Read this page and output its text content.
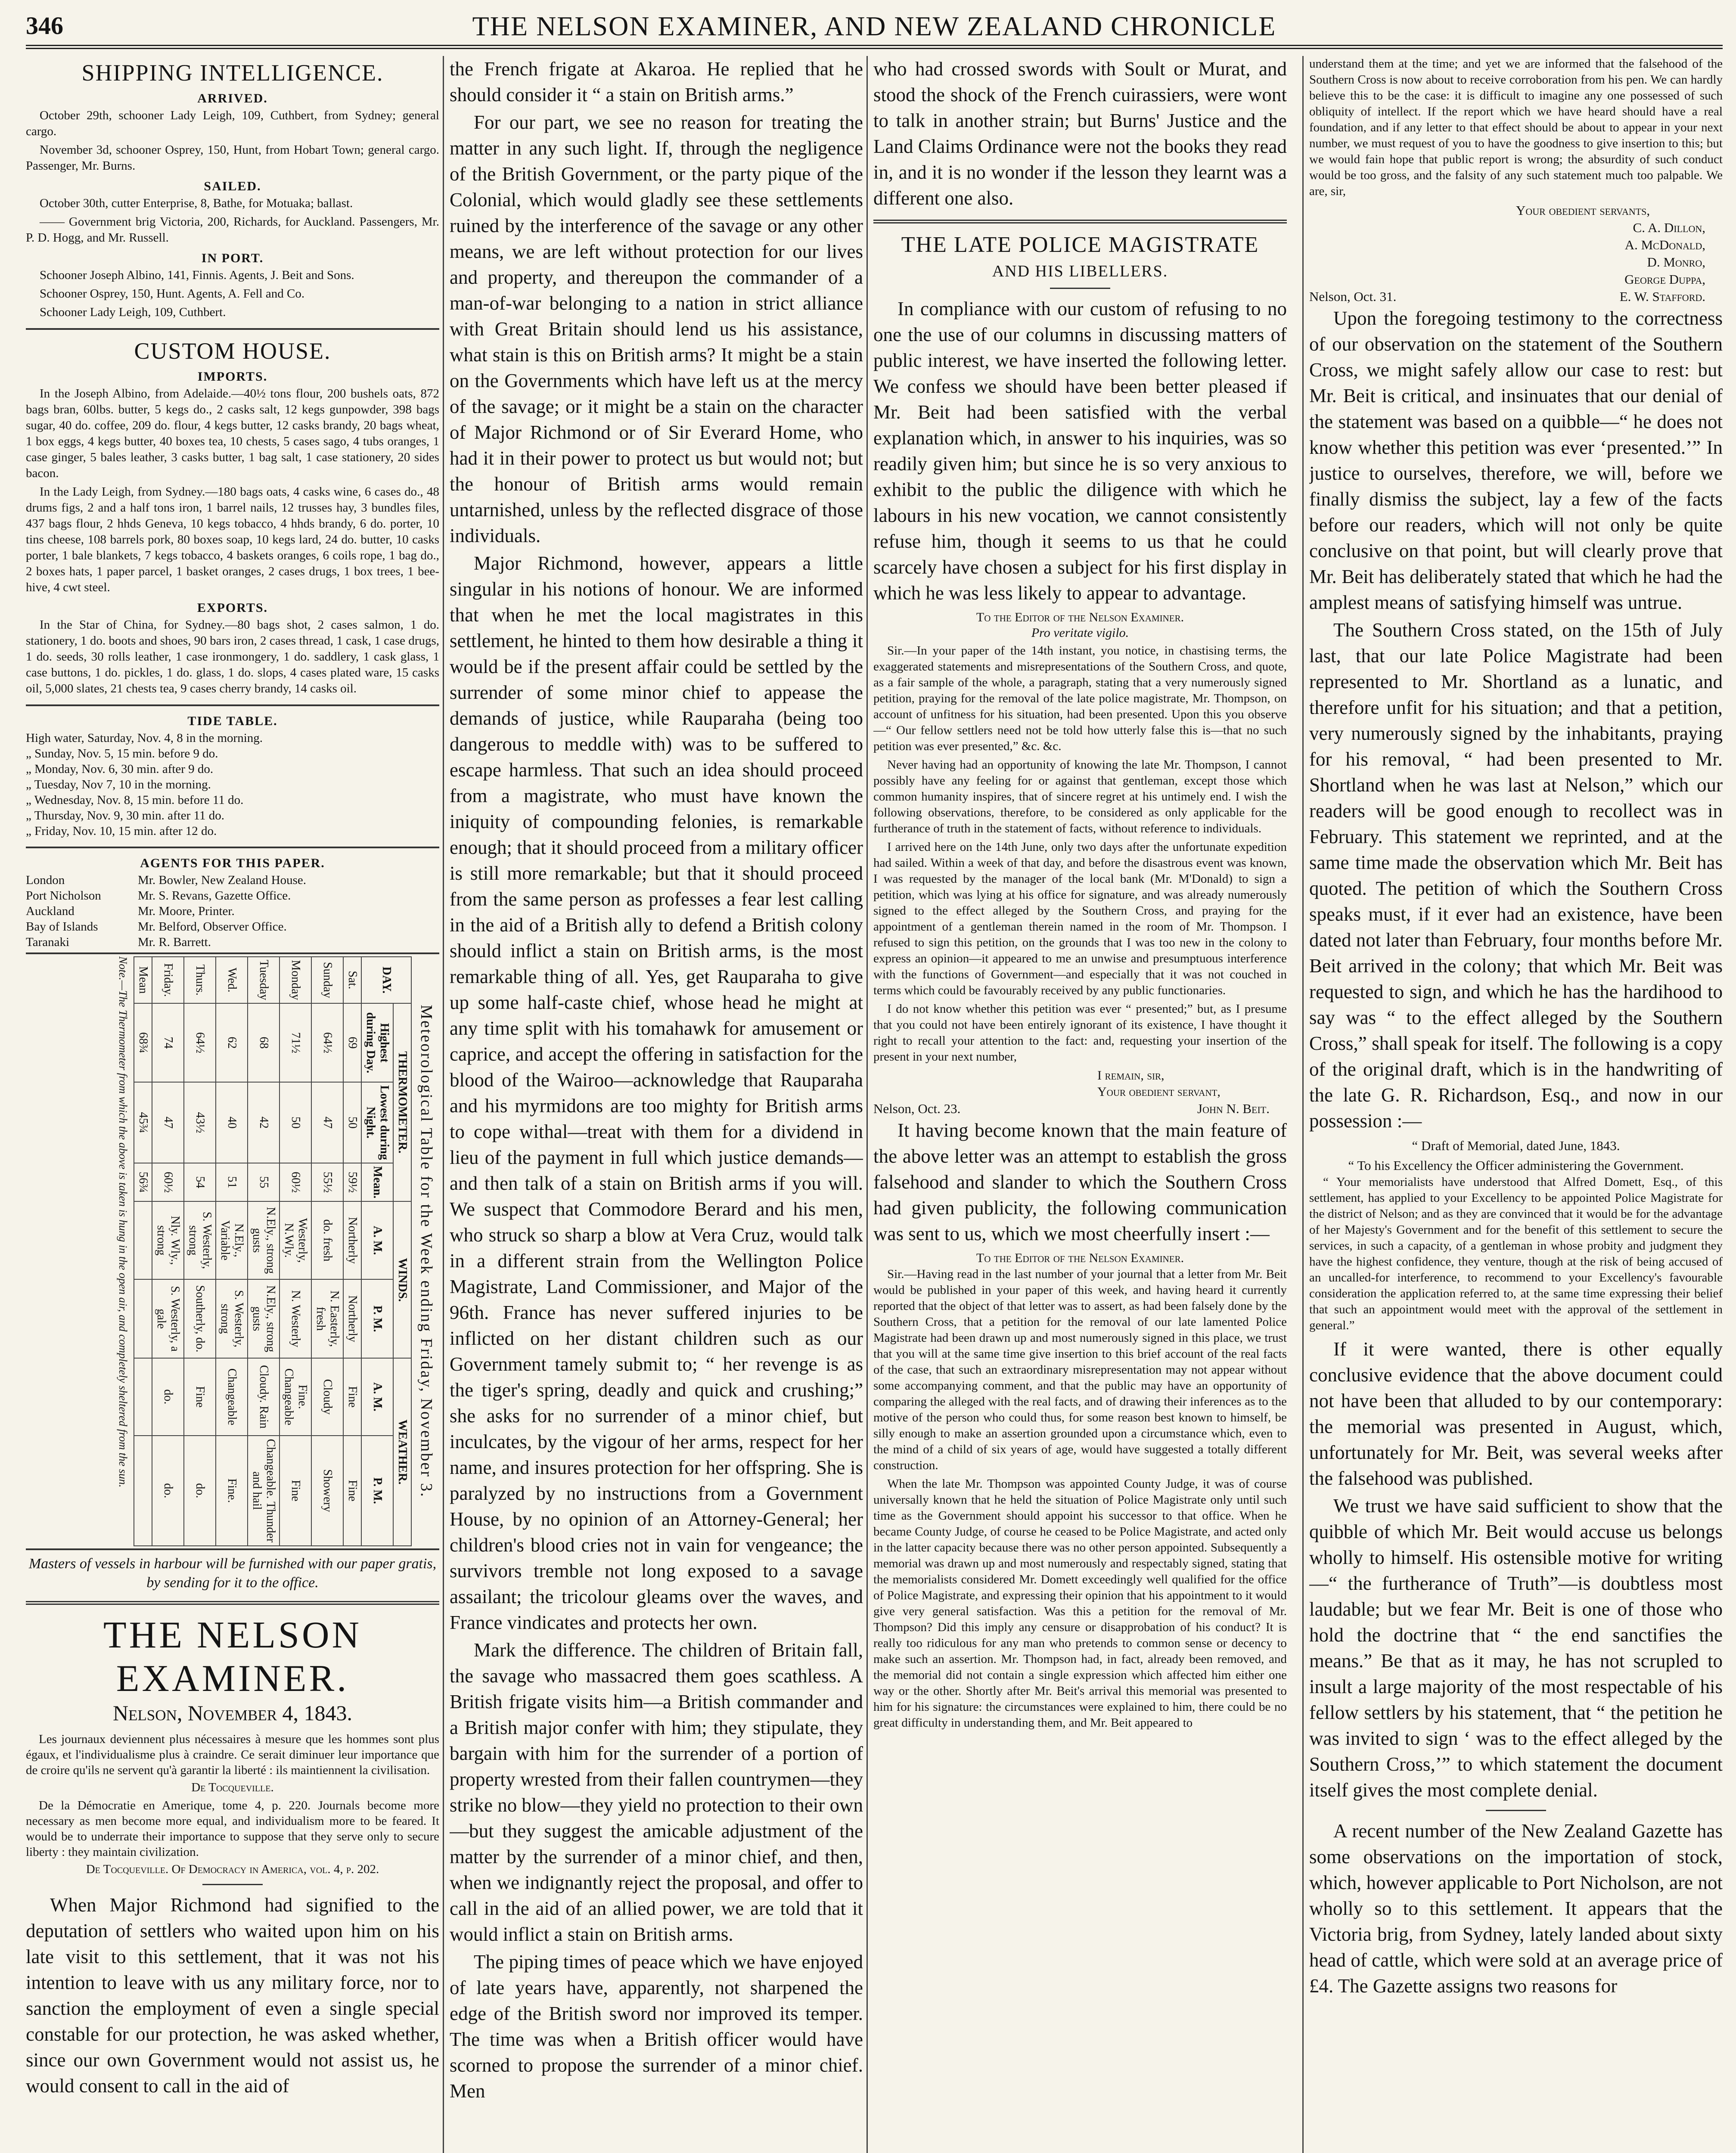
346	THE NELSON EXAMINER, AND NEW ZEALAND CHRONICLE
SHIPPING INTELLIGENCE.
ARRIVED.

October 29th, schooner Lady Leigh, 109, Cuthbert, from Sydney; general cargo.

November 3d, schooner Osprey, 150, Hunt, from Hobart Town; general cargo. Passenger, Mr. Burns.

SAILED.

October 30th, cutter Enterprise, 8, Bathe, for Motuaka; ballast.

—— Government brig Victoria, 200, Richards, for Auckland. Passengers, Mr. P. D. Hogg, and Mr. Russell.

IN PORT.

Schooner Joseph Albino, 141, Finnis. Agents, J. Beit and Sons.

Schooner Osprey, 150, Hunt. Agents, A. Fell and Co.

Schooner Lady Leigh, 109, Cuthbert.

CUSTOM HOUSE.
IMPORTS.

In the Joseph Albino, from Adelaide.—40½ tons flour, 200 bushels oats, 872 bags bran, 60lbs. butter, 5 kegs do., 2 casks salt, 12 kegs gunpowder, 398 bags sugar, 40 do. coffee, 209 do. flour, 4 kegs butter, 12 casks brandy, 20 bags wheat, 1 box eggs, 4 kegs butter, 40 boxes tea, 10 chests, 5 cases sago, 4 tubs oranges, 1 case ginger, 5 bales leather, 3 casks butter, 1 bag salt, 1 case stationery, 20 sides bacon.

In the Lady Leigh, from Sydney.—180 bags oats, 4 casks wine, 6 cases do., 48 drums figs, 2 and a half tons iron, 1 barrel nails, 12 trusses hay, 3 bundles files, 437 bags flour, 2 hhds Geneva, 10 kegs tobacco, 4 hhds brandy, 6 do. porter, 10 tins cheese, 108 barrels pork, 80 boxes soap, 10 kegs lard, 24 do. butter, 10 casks porter, 1 bale blankets, 7 kegs tobacco, 4 baskets oranges, 6 coils rope, 1 bag do., 2 boxes hats, 1 paper parcel, 1 basket oranges, 2 cases drugs, 1 box trees, 1 bee-hive, 4 cwt steel.

EXPORTS.

In the Star of China, for Sydney.—80 bags shot, 2 cases salmon, 1 do. stationery, 1 do. boots and shoes, 90 bars iron, 2 cases thread, 1 cask, 1 case drugs, 1 do. seeds, 30 rolls leather, 1 case ironmongery, 1 do. saddlery, 1 cask glass, 1 case buttons, 1 do. pickles, 1 do. glass, 1 do. slops, 4 cases plated ware, 15 casks oil, 5,000 slates, 21 chests tea, 9 cases cherry brandy, 14 casks oil.

TIDE TABLE.

High water, Saturday, Nov. 4, 8 in the morning.

„ Sunday, Nov. 5, 15 min. before 9 do.

„ Monday, Nov. 6, 30 min. after 9 do.

„ Tuesday, Nov 7, 10 in the morning.

„ Wednesday, Nov. 8, 15 min. before 11 do.

„ Thursday, Nov. 9, 30 min. after 11 do.

„ Friday, Nov. 10, 15 min. after 12 do.

AGENTS FOR THIS PAPER.

London	Mr. Bowler, New Zealand House.

Port Nicholson	Mr. S. Revans, Gazette Office.

Auckland	Mr. Moore, Printer.

Bay of Islands	Mr. Belford, Observer Office.

Taranaki	Mr. R. Barrett.

Meteorological Table for the Week ending Friday, November 3.
DAY.	THERMOMETER.			WINDS.		WEATHER.	
	Highest during Day.	Lowest during Night.	Mean.	A. M.	P. M.	A. M.	P. M.
Sat.	69	50	59½	Northerly	Northerly	Fine	Fine
Sunday	64½	47	55½	do. fresh	N. Easterly, fresh	Cloudy	Showery
Monday	71½	50	60½	Westerly, N.Wly.	N. Westerly	Fine. Changeable	Fine
Tuesday	68	42	55	N.Ely., strong gusts	N.Ely., strong gusts	Cloudy. Rain	Changeable. Thunder and hail
Wed.	62	40	51	N.Ely., Variable	S. Westerly, strong	Changeable	Fine.
Thurs.	64½	43½	54	S. Westerly, strong	Southerly, do.	Fine	do.
Friday.	74	47	60½	Nly. Wly., strong	S. Westerly, a gale	do.	do.
Mean	68¾	45¾	56¾				
Note.—The Thermometer from which the above is taken is hung in the open air, and completely sheltered from the sun.
Masters of vessels in harbour will be furnished with our paper gratis, by sending for it to the office.
THE NELSON EXAMINER.
Nelson, November 4, 1843.

Les journaux deviennent plus nécessaires à mesure que les hommes sont plus égaux, et l'individualisme plus à craindre. Ce serait diminuer leur importance que de croire qu'ils ne servent qu'à garantir la liberté : ils maintiennent la civilisation.

De Tocqueville.

De la Démocratie en Amerique, tome 4, p. 220. Journals become more necessary as men become more equal, and individualism more to be feared. It would be to underrate their importance to suppose that they serve only to secure liberty : they maintain civilization.

De Tocqueville. Of Democracy in America, vol. 4, p. 202.

When Major Richmond had signified to the deputation of settlers who waited upon him on his late visit to this settlement, that it was not his intention to leave with us any military force, nor to sanction the employment of even a single special constable for our protection, he was asked whether, since our own Government would not assist us, he would consent to call in the aid of

the French frigate at Akaroa. He replied that he should consider it “ a stain on British arms.”

For our part, we see no reason for treating the matter in any such light. If, through the negligence of the British Government, or the party pique of the Colonial, which would gladly see these settlements ruined by the interference of the savage or any other means, we are left without protection for our lives and property, and thereupon the commander of a man-of-war belonging to a nation in strict alliance with Great Britain should lend us his assistance, what stain is this on British arms? It might be a stain on the Governments which have left us at the mercy of the savage; or it might be a stain on the character of Major Richmond or of Sir Everard Home, who had it in their power to protect us but would not; but the honour of British arms would remain untarnished, unless by the reflected disgrace of those individuals.

Major Richmond, however, appears a little singular in his notions of honour. We are informed that when he met the local magistrates in this settlement, he hinted to them how desirable a thing it would be if the present affair could be settled by the surrender of some minor chief to appease the demands of justice, while Rauparaha (being too dangerous to meddle with) was to be suffered to escape harmless. That such an idea should proceed from a magistrate, who must have known the iniquity of compounding felonies, is remarkable enough; that it should proceed from a military officer is still more remarkable; but that it should proceed from the same person as professes a fear lest calling in the aid of a British ally to defend a British colony should inflict a stain on British arms, is the most remarkable thing of all. Yes, get Rauparaha to give up some half-caste chief, whose head he might at any time split with his tomahawk for amusement or caprice, and accept the offering in satisfaction for the blood of the Wairoo—acknowledge that Rauparaha and his myrmidons are too mighty for British arms to cope withal—treat with them for a dividend in lieu of the payment in full which justice demands—and then talk of a stain on British arms if you will. We suspect that Commodore Berard and his men, who struck so sharp a blow at Vera Cruz, would talk in a different strain from the Wellington Police Magistrate, Land Commissioner, and Major of the 96th. France has never suffered injuries to be inflicted on her distant children such as our Government tamely submit to; “ her revenge is as the tiger's spring, deadly and quick and crushing;” she asks for no surrender of a minor chief, but inculcates, by the vigour of her arms, respect for her name, and insures protection for her offspring. She is paralyzed by no instructions from a Government House, by no opinion of an Attorney-General; her children's blood cries not in vain for vengeance; the survivors tremble not long exposed to a savage assailant; the tricolour gleams over the waves, and France vindicates and protects her own.

Mark the difference. The children of Britain fall, the savage who massacred them goes scathless. A British frigate visits him—a British commander and a British major confer with him; they stipulate, they bargain with him for the surrender of a portion of property wrested from their fallen countrymen—they strike no blow—they yield no protection to their own—but they suggest the amicable adjustment of the matter by the surrender of a minor chief, and then, when we indignantly reject the proposal, and offer to call in the aid of an allied power, we are told that it would inflict a stain on British arms.

The piping times of peace which we have enjoyed of late years have, apparently, not sharpened the edge of the British sword nor improved its temper. The time was when a British officer would have scorned to propose the surrender of a minor chief. Men

who had crossed swords with Soult or Murat, and stood the shock of the French cuirassiers, were wont to talk in another strain; but Burns' Justice and the Land Claims Ordinance were not the books they read in, and it is no wonder if the lesson they learnt was a different one also.

THE LATE POLICE MAGISTRATE
AND HIS LIBELLERS.

In compliance with our custom of refusing to no one the use of our columns in discussing matters of public interest, we have inserted the following letter. We confess we should have been better pleased if Mr. Beit had been satisfied with the verbal explanation which, in answer to his inquiries, was so readily given him; but since he is so very anxious to exhibit to the public the diligence with which he labours in his new vocation, we cannot consistently refuse him, though it seems to us that he could scarcely have chosen a subject for his first display in which he was less likely to appear to advantage.

To the Editor of the Nelson Examiner.
Pro veritate vigilo.

Sir.—In your paper of the 14th instant, you notice, in chastising terms, the exaggerated statements and misrepresentations of the Southern Cross, and quote, as a fair sample of the whole, a paragraph, stating that a very numerously signed petition, praying for the removal of the late police magistrate, Mr. Thompson, on account of unfitness for his situation, had been presented. Upon this you observe—“ Our fellow settlers need not be told how utterly false this is—that no such petition was ever presented,” &c. &c.

Never having had an opportunity of knowing the late Mr. Thompson, I cannot possibly have any feeling for or against that gentleman, except those which common humanity inspires, that of sincere regret at his untimely end. I wish the following observations, therefore, to be considered as only applicable for the furtherance of truth in the statement of facts, without reference to individuals.

I arrived here on the 14th June, only two days after the unfortunate expedition had sailed. Within a week of that day, and before the disastrous event was known, I was requested by the manager of the local bank (Mr. M'Donald) to sign a petition, which was lying at his office for signature, and was already numerously signed to the effect alleged by the Southern Cross, and praying for the appointment of a gentleman therein named in the room of Mr. Thompson. I refused to sign this petition, on the grounds that I was too new in the colony to express an opinion—it appeared to me an unwise and presumptuous interference with the functions of Government—and especially that it was not couched in terms which could be favourably received by any public functionaries.

I do not know whether this petition was ever “ presented;” but, as I presume that you could not have been entirely ignorant of its existence, I have thought it right to recall your attention to the fact: and, requesting your insertion of the present in your next number,

I remain, sir,

Your obedient servant,

Nelson, Oct. 23.	John N. Beit.

It having become known that the main feature of the above letter was an attempt to establish the gross falsehood and slander to which the Southern Cross had given publicity, the following communication was sent to us, which we most cheerfully insert :—

To the Editor of the Nelson Examiner.

Sir.—Having read in the last number of your journal that a letter from Mr. Beit would be published in your paper of this week, and having heard it currently reported that the object of that letter was to assert, as had been falsely done by the Southern Cross, that a petition for the removal of our late lamented Police Magistrate had been drawn up and most numerously signed in this place, we trust that you will at the same time give insertion to this brief account of the real facts of the case, that such an extraordinary misrepresentation may not appear without some accompanying comment, and that the public may have an opportunity of comparing the alleged with the real facts, and of drawing their inferences as to the motive of the person who could thus, for some reason best known to himself, be silly enough to make an assertion grounded upon a circumstance which, even to the mind of a child of six years of age, would have suggested a totally different construction.

When the late Mr. Thompson was appointed County Judge, it was of course universally known that he held the situation of Police Magistrate only until such time as the Government should appoint his successor to that office. When he became County Judge, of course he ceased to be Police Magistrate, and acted only in the latter capacity because there was no other person appointed. Subsequently a memorial was drawn up and most numerously and respectably signed, stating that the memorialists considered Mr. Domett exceedingly well qualified for the office of Police Magistrate, and expressing their opinion that his appointment to it would give very general satisfaction. Was this a petition for the removal of Mr. Thompson? Did this imply any censure or disapprobation of his conduct? It is really too ridiculous for any man who pretends to common sense or decency to make such an assertion. Mr. Thompson had, in fact, already been removed, and the memorial did not contain a single expression which affected him either one way or the other. Shortly after Mr. Beit's arrival this memorial was presented to him for his signature: the circumstances were explained to him, there could be no great difficulty in understanding them, and Mr. Beit appeared to

understand them at the time; and yet we are informed that the falsehood of the Southern Cross is now about to receive corroboration from his pen. We can hardly believe this to be the case: it is difficult to imagine any one possessed of such obliquity of intellect. If the report which we have heard should have a real foundation, and if any letter to that effect should be about to appear in your next number, we must request of you to have the goodness to give insertion to this; but we would fain hope that public report is wrong; the absurdity of such conduct would be too gross, and the falsity of any such statement much too palpable. We are, sir,

Your obedient servants,

C. A. Dillon,

A. McDonald,

D. Monro,

George Duppa,

Nelson, Oct. 31.	E. W. Stafford.

Upon the foregoing testimony to the correctness of our observation on the statement of the Southern Cross, we might safely allow our case to rest: but Mr. Beit is critical, and insinuates that our denial of the statement was based on a quibble—“ he does not know whether this petition was ever ‘presented.’” In justice to ourselves, therefore, we will, before we finally dismiss the subject, lay a few of the facts before our readers, which will not only be quite conclusive on that point, but will clearly prove that Mr. Beit has deliberately stated that which he had the amplest means of satisfying himself was untrue.

The Southern Cross stated, on the 15th of July last, that our late Police Magistrate had been represented to Mr. Shortland as a lunatic, and therefore unfit for his situation; and that a petition, very numerously signed by the inhabitants, praying for his removal, “ had been presented to Mr. Shortland when he was last at Nelson,” which our readers will be good enough to recollect was in February. This statement we reprinted, and at the same time made the observation which Mr. Beit has quoted. The petition of which the Southern Cross speaks must, if it ever had an existence, have been dated not later than February, four months before Mr. Beit arrived in the colony; that which Mr. Beit was requested to sign, and which he has the hardihood to say was “ to the effect alleged by the Southern Cross,” shall speak for itself. The following is a copy of the original draft, which is in the handwriting of the late G. R. Richardson, Esq., and now in our possession :—

“ Draft of Memorial, dated June, 1843.
“ To his Excellency the Officer administering the Government.

“ Your memorialists have understood that Alfred Domett, Esq., of this settlement, has applied to your Excellency to be appointed Police Magistrate for the district of Nelson; and as they are convinced that it would be for the advantage of her Majesty's Government and for the benefit of this settlement to secure the services, in such a capacity, of a gentleman in whose probity and judgment they have the highest confidence, they venture, though at the risk of being accused of an uncalled-for interference, to recommend to your Excellency's favourable consideration the application referred to, at the same time expressing their belief that such an appointment would meet with the approval of the settlement in general.”

If it were wanted, there is other equally conclusive evidence that the above document could not have been that alluded to by our contemporary: the memorial was presented in August, which, unfortunately for Mr. Beit, was several weeks after the falsehood was published.

We trust we have said sufficient to show that the quibble of which Mr. Beit would accuse us belongs wholly to himself. His ostensible motive for writing—“ the furtherance of Truth”—is doubtless most laudable; but we fear Mr. Beit is one of those who hold the doctrine that “ the end sanctifies the means.” Be that as it may, he has not scrupled to insult a large majority of the most respectable of his fellow settlers by his statement, that “ the petition he was invited to sign ‘ was to the effect alleged by the Southern Cross,’” to which statement the document itself gives the most complete denial.

A recent number of the New Zealand Gazette has some observations on the importation of stock, which, however applicable to Port Nicholson, are not wholly so to this settlement. It appears that the Victoria brig, from Sydney, lately landed about sixty head of cattle, which were sold at an average price of £4. The Gazette assigns two reasons for
